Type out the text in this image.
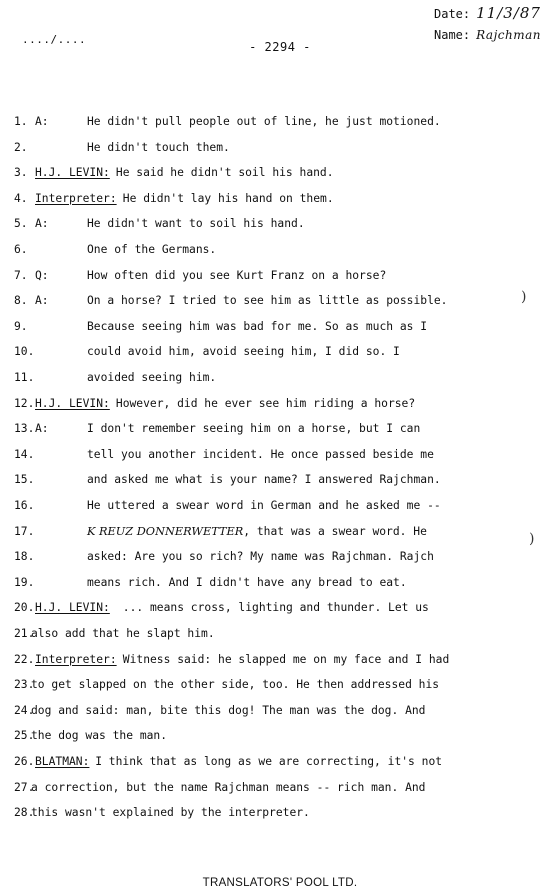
..../....
- 2294 -
Date: 11/3/87
Name: Rajchman
1. A:	He didn't pull people out of line, he just motioned.
2.	He didn't touch them.
3. H.J. LEVIN: He said he didn't soil his hand.
4. Interpreter: He didn't lay his hand on them.
5. A:	He didn't want to soil his hand.
6.	One of the Germans.
7. Q:	How often did you see Kurt Franz on a horse?
8. A:	On a horse? I tried to see him as little as possible.
9.	Because seeing him was bad for me. So as much as I
10.	could avoid him, avoid seeing him, I did so. I
11.	avoided seeing him.
12. H.J. LEVIN: However, did he ever see him riding a horse?
13. A:	I don't remember seeing him on a horse, but I can
14.	tell you another incident. He once passed beside me
15.	and asked me what is your name? I answered Rajchman.
16.	He uttered a swear word in German and he asked me --
17.	K REUZ DONNERWETTER, that was a swear word. He
18.	asked: Are you so rich? My name was Rajchman. Rajch
19.	means rich. And I didn't have any bread to eat.
20. H.J. LEVIN: ... means cross, lighting and thunder. Let us
21.
also add that he slapt him.
22. Interpreter: Witness said: he slapped me on my face and I had
23.
to get slapped on the other side, too. He then addressed his
24.
dog and said: man, bite this dog! The man was the dog. And
25.
the dog was the man.
26. BLATMAN: I think that as long as we are correcting, it's not
27.
a correction, but the name Rajchman means -- rich man. And
28.
this wasn't explained by the interpreter.
)
)
TRANSLATORS' POOL LTD.
